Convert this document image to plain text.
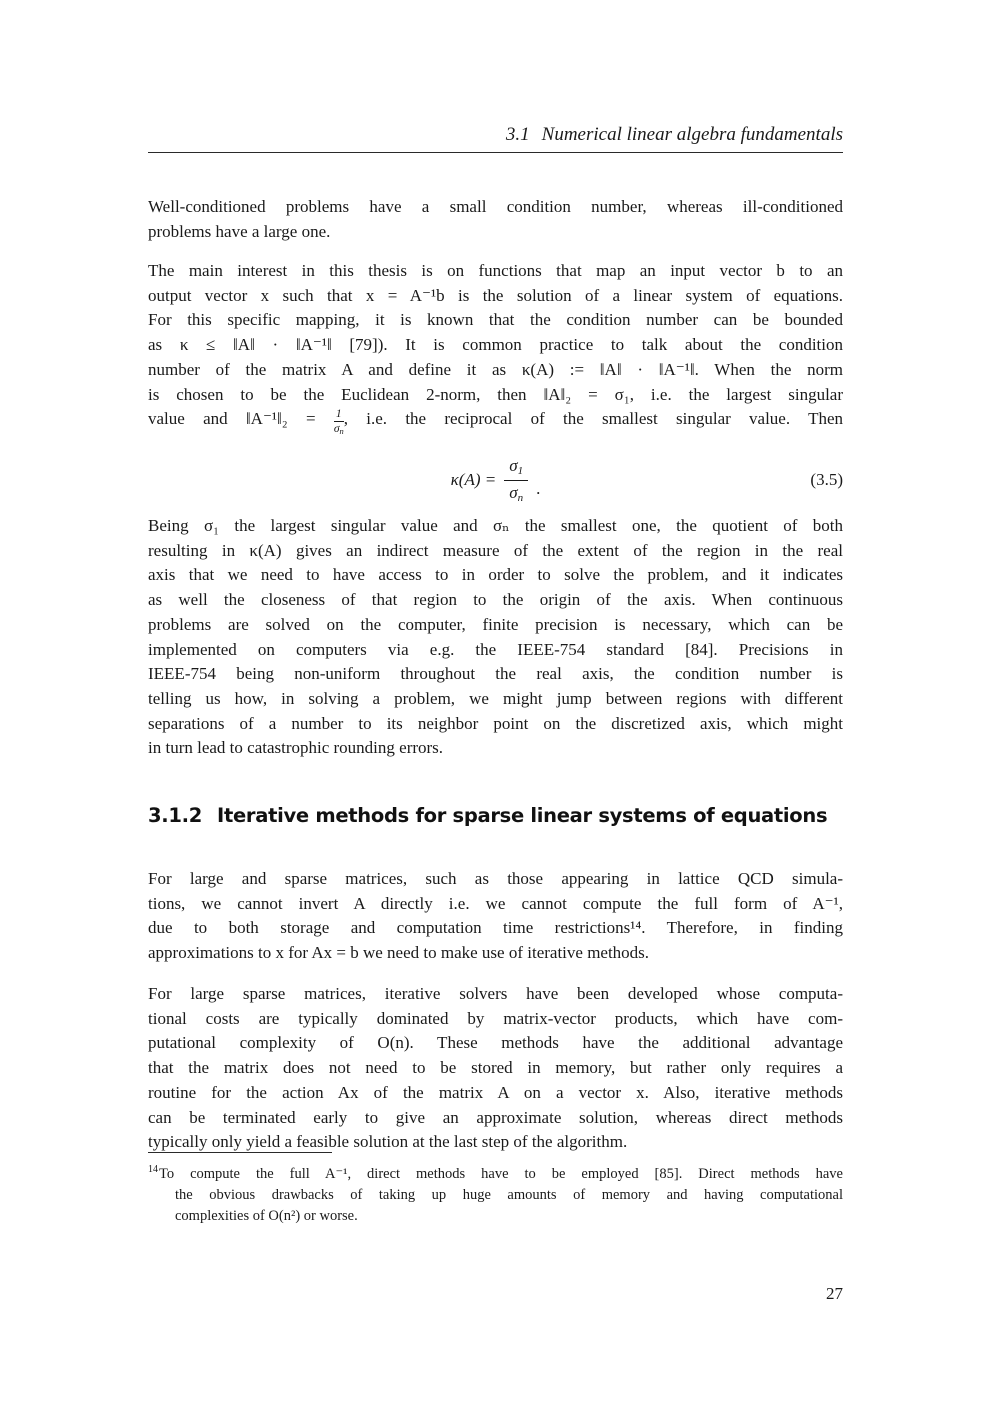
3.1 Numerical linear algebra fundamentals
Well-conditioned problems have a small condition number, whereas ill-conditioned
problems have a large one.
The main interest in this thesis is on functions that map an input vector b to an
output vector x such that x = A⁻¹b is the solution of a linear system of equations.
For this specific mapping, it is known that the condition number can be bounded
as κ ≤ ‖A‖ · ‖A⁻¹‖ [79]). It is common practice to talk about the condition
number of the matrix A and define it as κ(A) := ‖A‖ · ‖A⁻¹‖. When the norm
is chosen to be the Euclidean 2-norm, then ‖A‖₂ = σ₁, i.e. the largest singular
value and ‖A⁻¹‖₂ = $\frac{1}{\sigma_n}$ , i.e. the reciprocal of the smallest singular value. Then
$\kappa(A) = \frac{\sigma_1}{\sigma_n}$ .	(3.5)
Being σ₁ the largest singular value and σₙ the smallest one, the quotient of both
resulting in κ(A) gives an indirect measure of the extent of the region in the real
axis that we need to have access to in order to solve the problem, and it indicates
as well the closeness of that region to the origin of the axis. When continuous
problems are solved on the computer, finite precision is necessary, which can be
implemented on computers via e.g. the IEEE-754 standard [84]. Precisions in
IEEE-754 being non-uniform throughout the real axis, the condition number is
telling us how, in solving a problem, we might jump between regions with different
separations of a number to its neighbor point on the discretized axis, which might
in turn lead to catastrophic rounding errors.
3.1.2 Iterative methods for sparse linear systems of equations
For large and sparse matrices, such as those appearing in lattice QCD simula-
tions, we cannot invert A directly i.e. we cannot compute the full form of A⁻¹,
due to both storage and computation time restrictions¹⁴. Therefore, in finding
approximations to x for Ax = b we need to make use of iterative methods.
For large sparse matrices, iterative solvers have been developed whose computa-
tional costs are typically dominated by matrix-vector products, which have com-
putational complexity of O(n). These methods have the additional advantage
that the matrix does not need to be stored in memory, but rather only requires a
routine for the action Ax of the matrix A on a vector x. Also, iterative methods
can be terminated early to give an approximate solution, whereas direct methods
typically only yield a feasible solution at the last step of the algorithm.
$^{14}$To compute the full A⁻¹, direct methods have to be employed [85]. Direct methods have
the obvious drawbacks of taking up huge amounts of memory and having computational
complexities of O(n²) or worse.
27
